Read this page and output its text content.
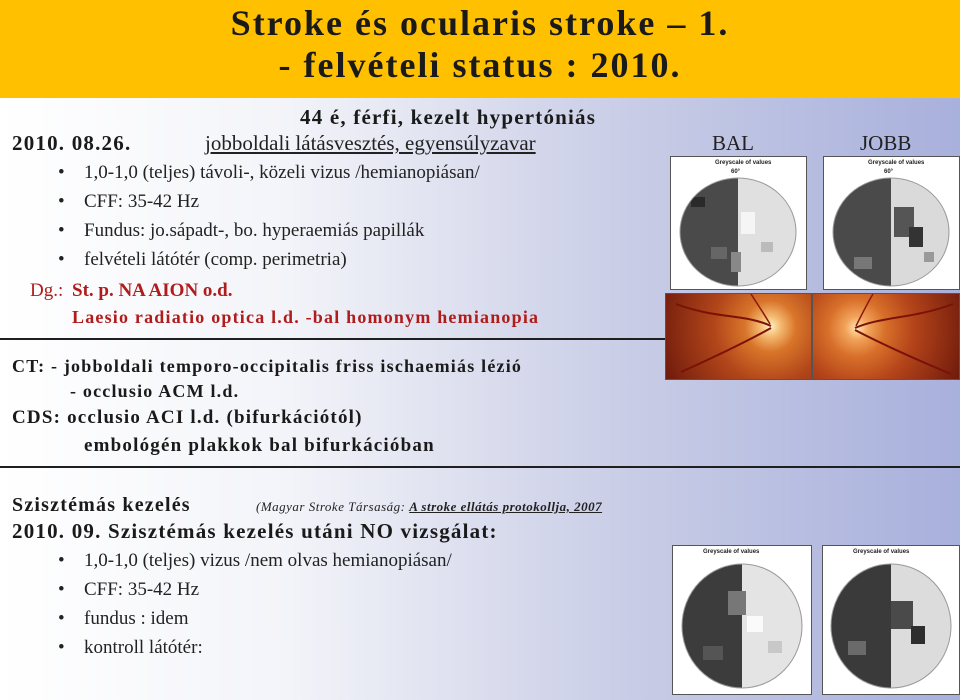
Stroke és ocularis stroke – 1.
- felvételi status : 2010.
44 é, férfi, kezelt hypertóniás
2010. 08.26.	jobboldali látásvesztés, egyensúlyzavar	BAL	JOBB
• 1,0-1,0 (teljes) távoli-, közeli vizus /hemianopiásan/
• CFF: 35-42 Hz
• Fundus: jo.sápadt-, bo. hyperaemiás papillák
• felvételi látótér (comp. perimetria)
Dg.: St. p. NA AION o.d.
Laesio radiatio optica l.d. -bal homonym hemianopia
CT: - jobboldali temporo-occipitalis friss ischaemiás lézió
- occlusio ACM l.d.
CDS: occlusio ACI l.d. (bifurkációtól)
embológén plakkok bal bifurkációban
Szisztémás kezelés	(Magyar Stroke Társaság: A stroke ellátás protokollja, 2007
2010. 09. Szisztémás kezelés utáni NO vizsgálat:
• 1,0-1,0 (teljes) vizus /nem olvas hemianopiásan/
• CFF: 35-42 Hz
• fundus : idem
• kontroll látótér:
Greyscale of values
60°
Greyscale of values
60°
Greyscale of values	Greyscale of values
